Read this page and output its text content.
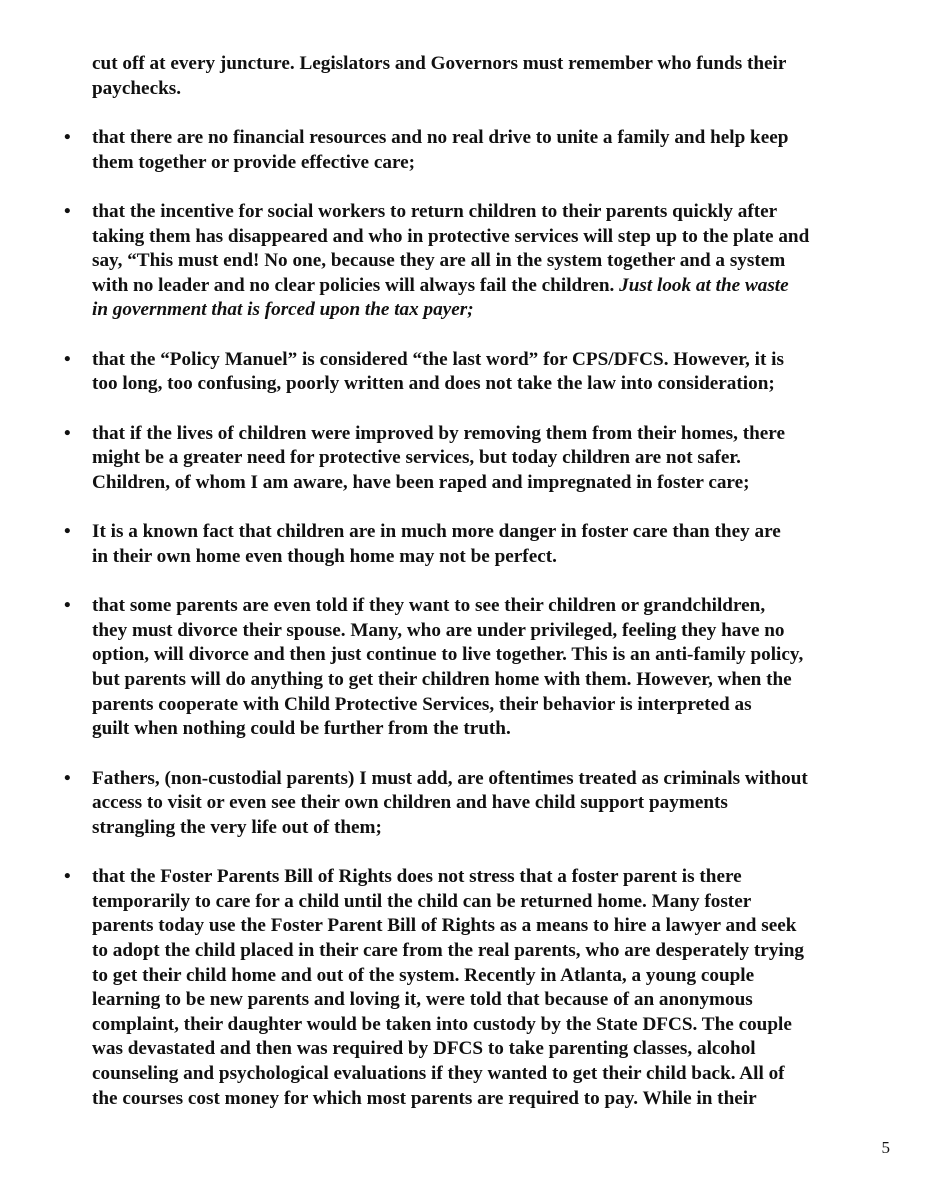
cut off at every juncture. Legislators and Governors must remember who funds their
paychecks.

• that there are no financial resources and no real drive to unite a family and help keep
them together or provide effective care;

• that the incentive for social workers to return children to their parents quickly after
taking them has disappeared and who in protective services will step up to the plate and
say, “This must end! No one, because they are all in the system together and a system
with no leader and no clear policies will always fail the children. Just look at the waste
in government that is forced upon the tax payer;

• that the “Policy Manuel” is considered “the last word” for CPS/DFCS. However, it is
too long, too confusing, poorly written and does not take the law into consideration;

• that if the lives of children were improved by removing them from their homes, there
might be a greater need for protective services, but today children are not safer.
Children, of whom I am aware, have been raped and impregnated in foster care;

• It is a known fact that children are in much more danger in foster care than they are
in their own home even though home may not be perfect.

• that some parents are even told if they want to see their children or grandchildren,
they must divorce their spouse. Many, who are under privileged, feeling they have no
option, will divorce and then just continue to live together. This is an anti-family policy,
but parents will do anything to get their children home with them. However, when the
parents cooperate with Child Protective Services, their behavior is interpreted as
guilt when nothing could be further from the truth.

• Fathers, (non-custodial parents) I must add, are oftentimes treated as criminals without
access to visit or even see their own children and have child support payments
strangling the very life out of them;

• that the Foster Parents Bill of Rights does not stress that a foster parent is there
temporarily to care for a child until the child can be returned home. Many foster
parents today use the Foster Parent Bill of Rights as a means to hire a lawyer and seek
to adopt the child placed in their care from the real parents, who are desperately trying
to get their child home and out of the system. Recently in Atlanta, a young couple
learning to be new parents and loving it, were told that because of an anonymous
complaint, their daughter would be taken into custody by the State DFCS. The couple
was devastated and then was required by DFCS to take parenting classes, alcohol
counseling and psychological evaluations if they wanted to get their child back. All of
the courses cost money for which most parents are required to pay. While in their

5
